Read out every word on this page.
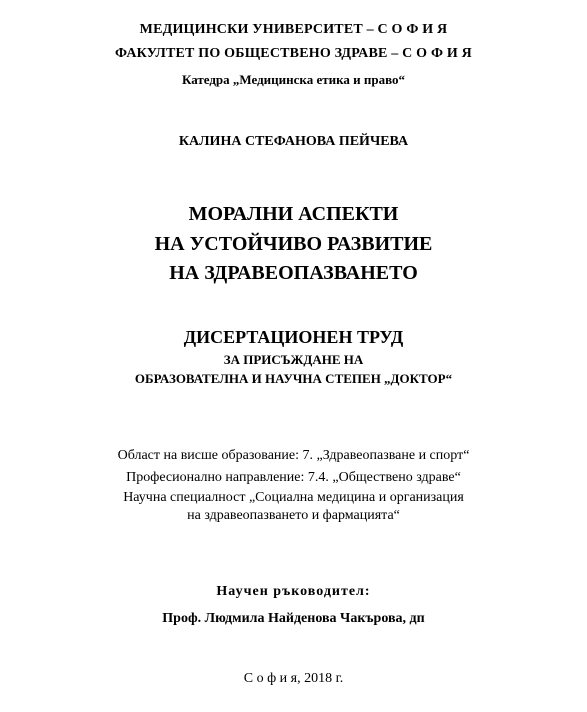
МЕДИЦИНСКИ УНИВЕРСИТЕТ – С О Ф И Я
ФАКУЛТЕТ ПО ОБЩЕСТВЕНО ЗДРАВЕ – С О Ф И Я
Катедра „Медицинска етика и право“
КАЛИНА СТЕФАНОВА ПЕЙЧЕВА
МОРАЛНИ АСПЕКТИ
НА УСТОЙЧИВО РАЗВИТИЕ
НА ЗДРАВЕОПАЗВАНЕТО
ДИСЕРТАЦИОНЕН ТРУД
ЗА ПРИСЪЖДАНЕ НА
ОБРАЗОВАТЕЛНА И НАУЧНА СТЕПЕН „ДОКТОР“
Област на висше образование: 7. „Здравеопазване и спорт“
Професионално направление: 7.4. „Обществено здраве“
Научна специалност „Социална медицина и организация
на здравеопазването и фармацията“
Научен ръководител:
Проф. Людмила Найденова Чакърова, дп
С о ф и я, 2018 г.
